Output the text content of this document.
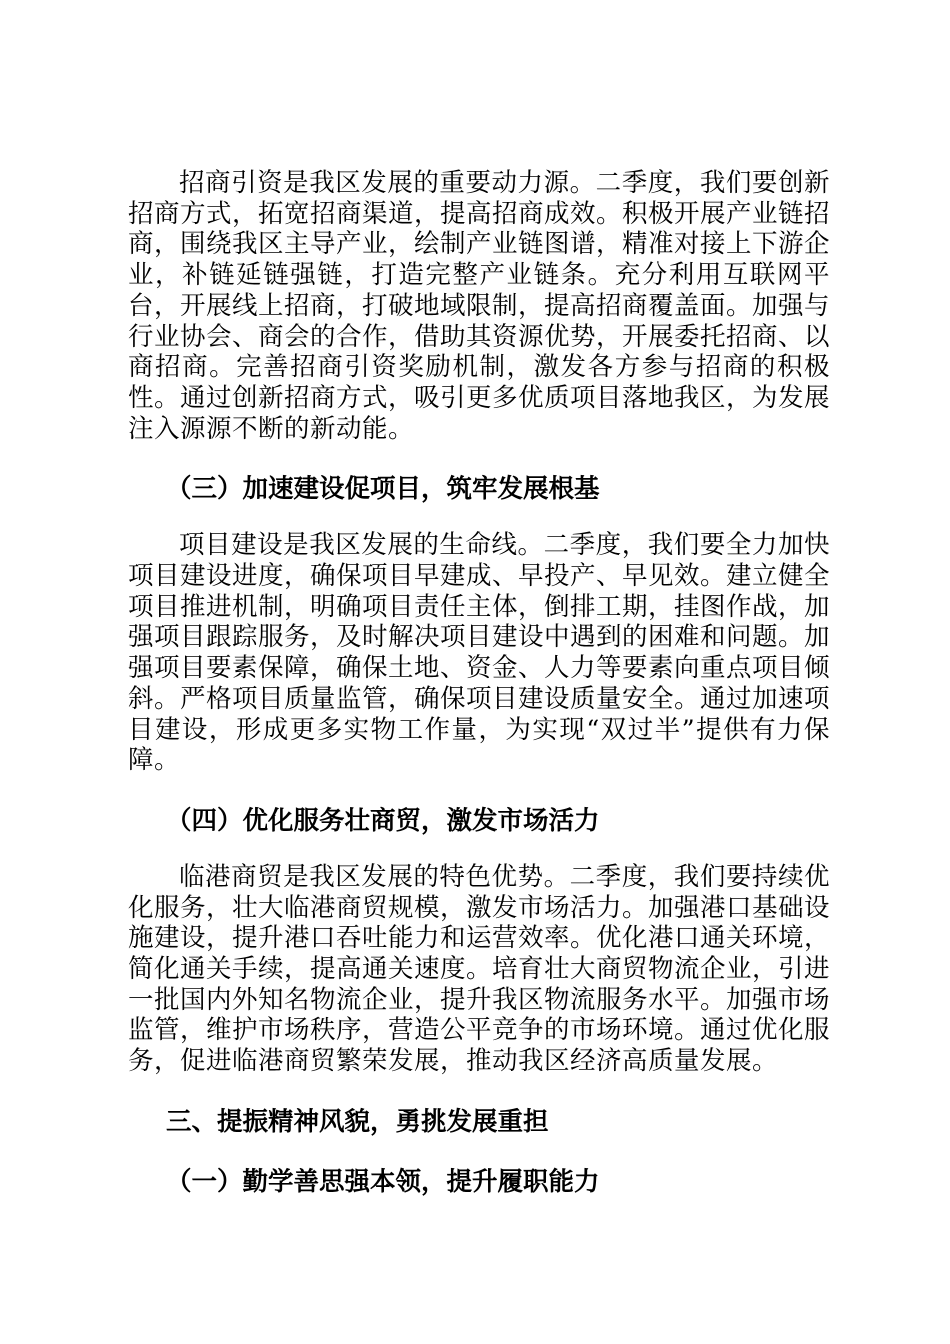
招商引资是我区发展的重要动力源。二季度，我们要创新招商方式，拓宽招商渠道，提高招商成效。积极开展产业链招商，围绕我区主导产业，绘制产业链图谱，精准对接上下游企业，补链延链强链，打造完整产业链条。充分利用互联网平台，开展线上招商，打破地域限制，提高招商覆盖面。加强与行业协会、商会的合作，借助其资源优势，开展委托招商、以商招商。完善招商引资奖励机制，激发各方参与招商的积极性。通过创新招商方式，吸引更多优质项目落地我区，为发展注入源源不断的新动能。

（三）加速建设促项目，筑牢发展根基

项目建设是我区发展的生命线。二季度，我们要全力加快项目建设进度，确保项目早建成、早投产、早见效。建立健全项目推进机制，明确项目责任主体，倒排工期，挂图作战，加强项目跟踪服务，及时解决项目建设中遇到的困难和问题。加强项目要素保障，确保土地、资金、人力等要素向重点项目倾斜。严格项目质量监管，确保项目建设质量安全。通过加速项目建设，形成更多实物工作量，为实现“双过半”提供有力保障。

（四）优化服务壮商贸，激发市场活力

临港商贸是我区发展的特色优势。二季度，我们要持续优化服务，壮大临港商贸规模，激发市场活力。加强港口基础设施建设，提升港口吞吐能力和运营效率。优化港口通关环境，简化通关手续，提高通关速度。培育壮大商贸物流企业，引进一批国内外知名物流企业，提升我区物流服务水平。加强市场监管，维护市场秩序，营造公平竞争的市场环境。通过优化服务，促进临港商贸繁荣发展，推动我区经济高质量发展。

三、提振精神风貌，勇挑发展重担
（一）勤学善思强本领，提升履职能力
